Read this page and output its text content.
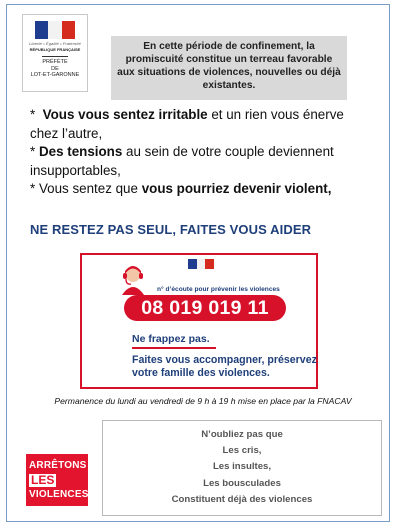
Liberté • Égalité • Fraternité
RÉPUBLIQUE FRANÇAISE
PRÉFÈTE
DE
LOT-ET-GARONNE
En cette période de confinement, la promiscuité constitue un terreau favorable aux situations de violences, nouvelles ou déjà existantes.

* Vous vous sentez irritable et un rien vous énerve chez l’autre,

* Des tensions au sein de votre couple deviennent insupportables,

* Vous sentez que vous pourriez devenir violent,

NE RESTEZ PAS SEUL, FAITES VOUS AIDER
n° d’écoute pour prévenir les violences
08 019 019 11
Ne frappez pas.
Faites vous accompagner, préservez votre famille des violences.
Permanence du lundi au vendredi de 9 h à 19 h mise en place par la FNACAV

N’oubliez pas que

Les cris,

Les insultes,

Les bousculades

Constituent déjà des violences

ARRÊTONS
LES
VIOLENCES
